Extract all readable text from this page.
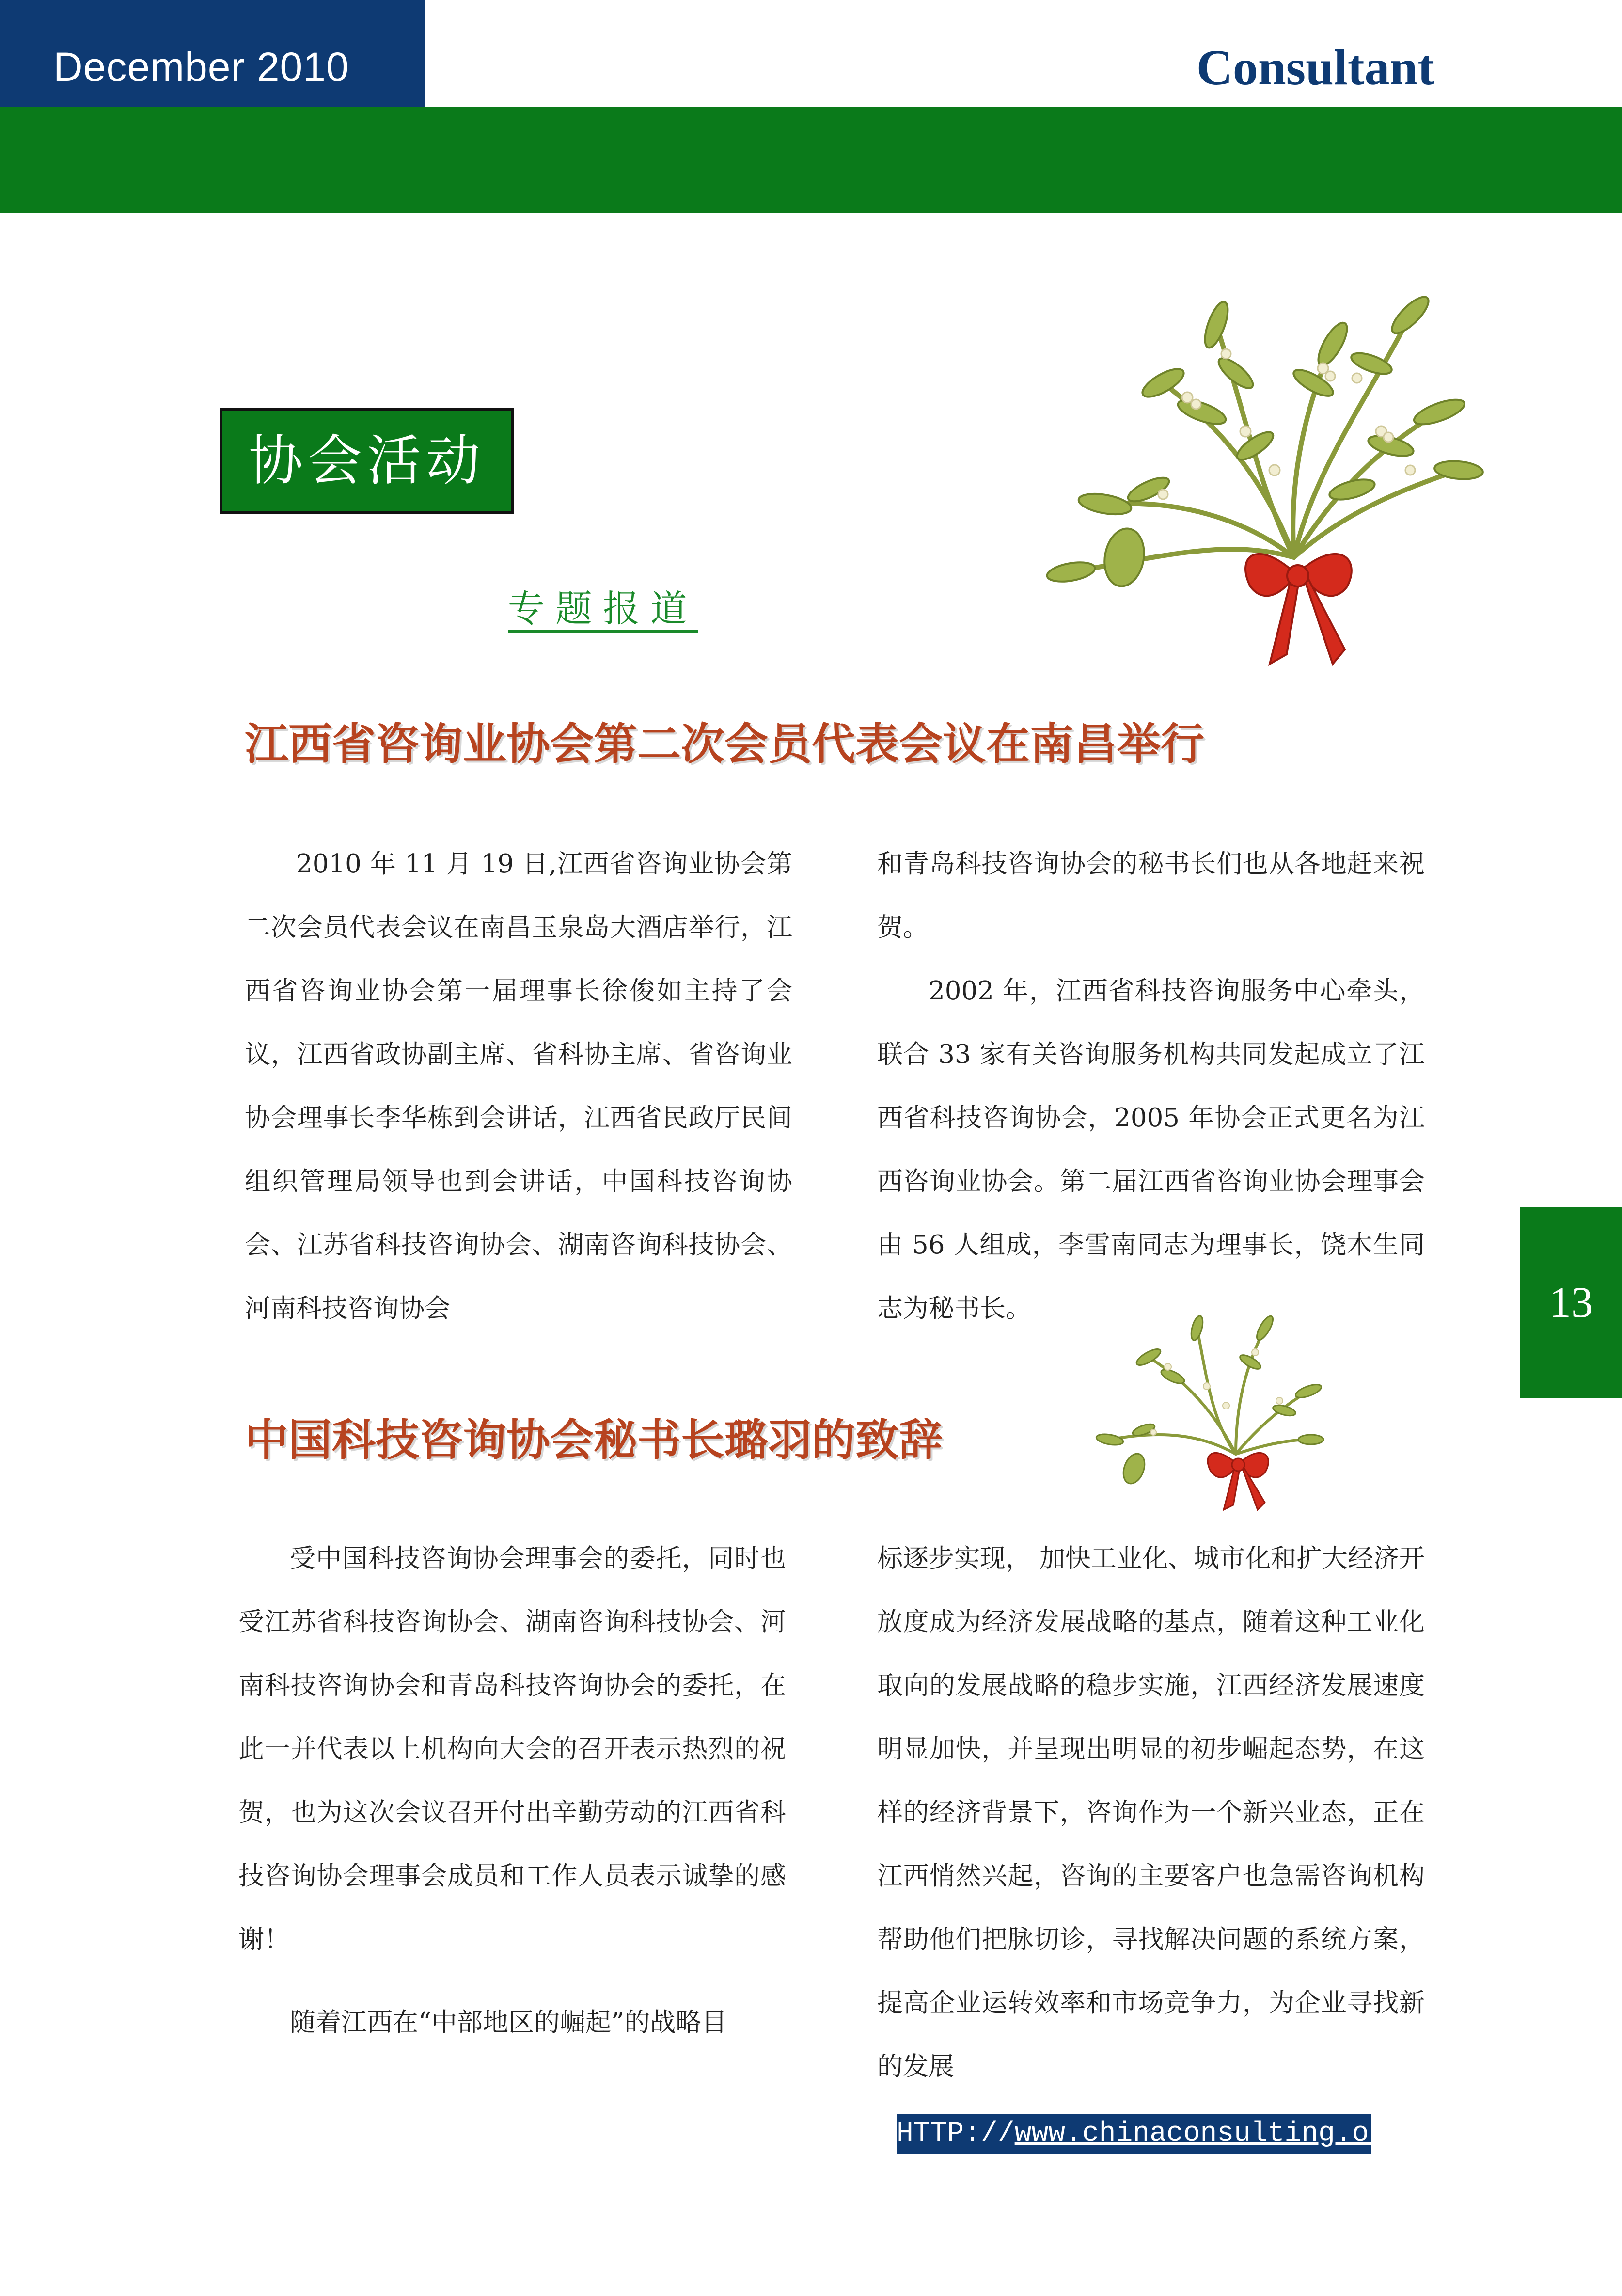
December 2010	Consultant
协会活动
专题报道
江西省咨询业协会第二次会员代表会议在南昌举行

2010 年 11 月 19 日,江西省咨询业协会第二次会员代表会议在南昌玉泉岛大酒店举行，江西省咨询业协会第一届理事长徐俊如主持了会议，江西省政协副主席、省科协主席、省咨询业协会理事长李华栋到会讲话，江西省民政厅民间组织管理局领导也到会讲话，中国科技咨询协会、江苏省科技咨询协会、湖南咨询科技协会、河南科技咨询协会

和青岛科技咨询协会的秘书长们也从各地赶来祝贺。

2002 年，江西省科技咨询服务中心牵头，联合 33 家有关咨询服务机构共同发起成立了江西省科技咨询协会，2005 年协会正式更名为江西咨询业协会。第二届江西省咨询业协会理事会由 56 人组成，李雪南同志为理事长，饶木生同志为秘书长。

中国科技咨询协会秘书长璐羽的致辞

受中国科技咨询协会理事会的委托，同时也受江苏省科技咨询协会、湖南咨询科技协会、河南科技咨询协会和青岛科技咨询协会的委托，在此一并代表以上机构向大会的召开表示热烈的祝贺，也为这次会议召开付出辛勤劳动的江西省科技咨询协会理事会成员和工作人员表示诚挚的感谢！

随着江西在“中部地区的崛起”的战略目

标逐步实现， 加快工业化、城市化和扩大经济开放度成为经济发展战略的基点，随着这种工业化取向的发展战略的稳步实施，江西经济发展速度明显加快，并呈现出明显的初步崛起态势，在这样的经济背景下，咨询作为一个新兴业态，正在江西悄然兴起，咨询的主要客户也急需咨询机构帮助他们把脉切诊，寻找解决问题的系统方案，提高企业运转效率和市场竞争力，为企业寻找新的发展

13
HTTP://www.chinaconsulting.org.cn
